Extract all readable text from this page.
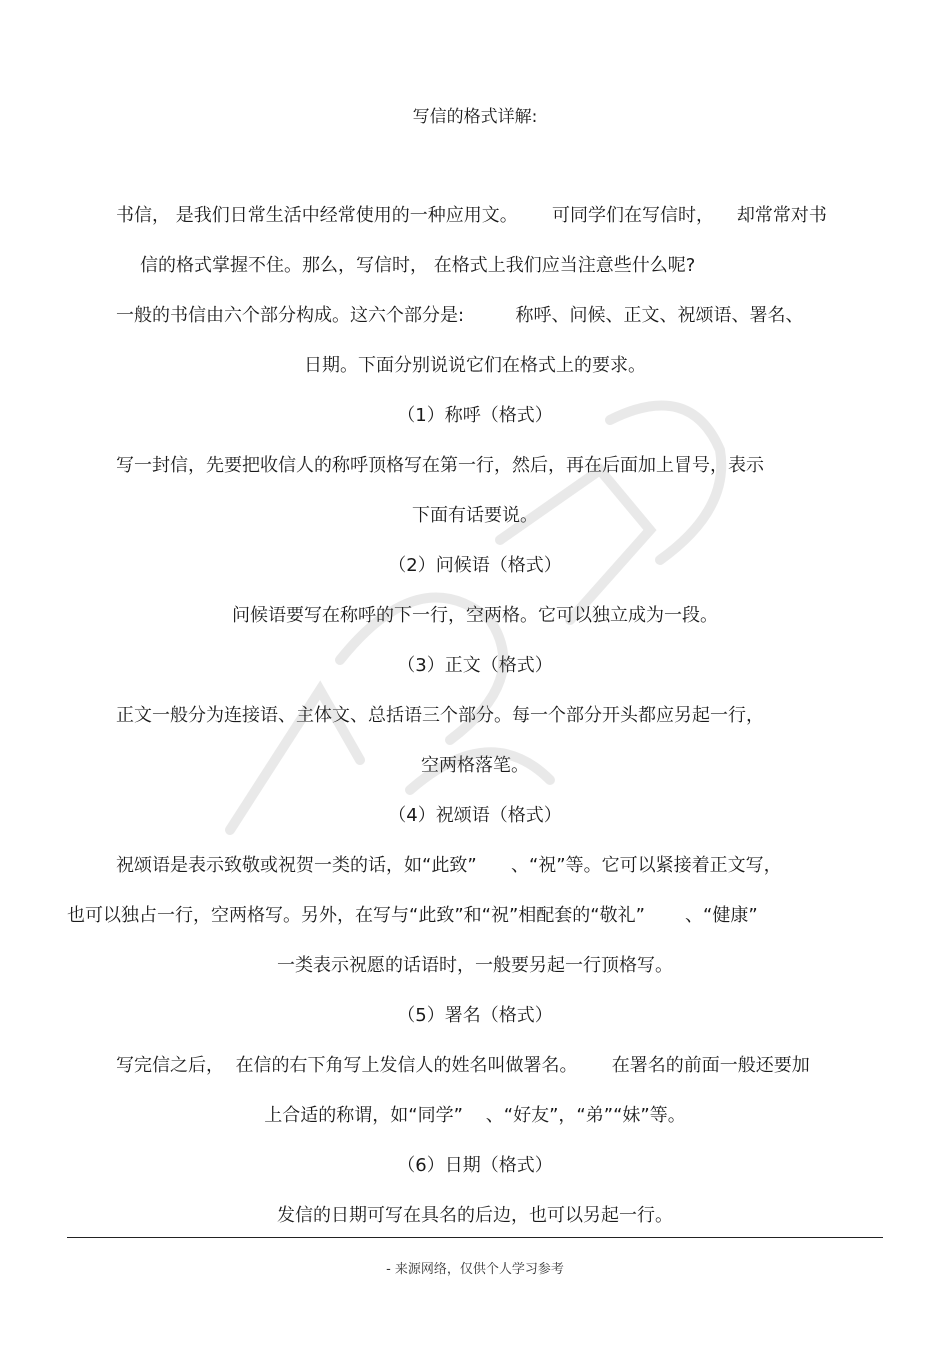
写信的格式详解:

书信， 是我们日常生活中经常使用的一种应用文。      可同学们在写信时，    却常常对书

信的格式掌握不住。那么，写信时， 在格式上我们应当注意些什么呢?

一般的书信由六个部分构成。这六个部分是:         称呼、问候、正文、祝颂语、署名、

日期。下面分别说说它们在格式上的要求。

（1）称呼（格式）

写一封信，先要把收信人的称呼顶格写在第一行，然后，再在后面加上冒号，表示

下面有话要说。

（2）问候语（格式）

问候语要写在称呼的下一行，空两格。它可以独立成为一段。

（3）正文（格式）

正文一般分为连接语、主体文、总括语三个部分。每一个部分开头都应另起一行，

空两格落笔。

（4）祝颂语（格式）

祝颂语是表示致敬或祝贺一类的话，如“此致”      、“祝”等。它可以紧接着正文写，

也可以独占一行，空两格写。另外，在写与“此致”和“祝”相配套的“敬礼”       、“健康”

一类表示祝愿的话语时，一般要另起一行顶格写。

（5）署名（格式）

写完信之后，  在信的右下角写上发信人的姓名叫做署名。      在署名的前面一般还要加

上合适的称谓，如“同学”    、“好友”，“弟”“妹”等。

（6）日期（格式）

发信的日期可写在具名的后边，也可以另起一行。

- 来源网络，仅供个人学习参考
